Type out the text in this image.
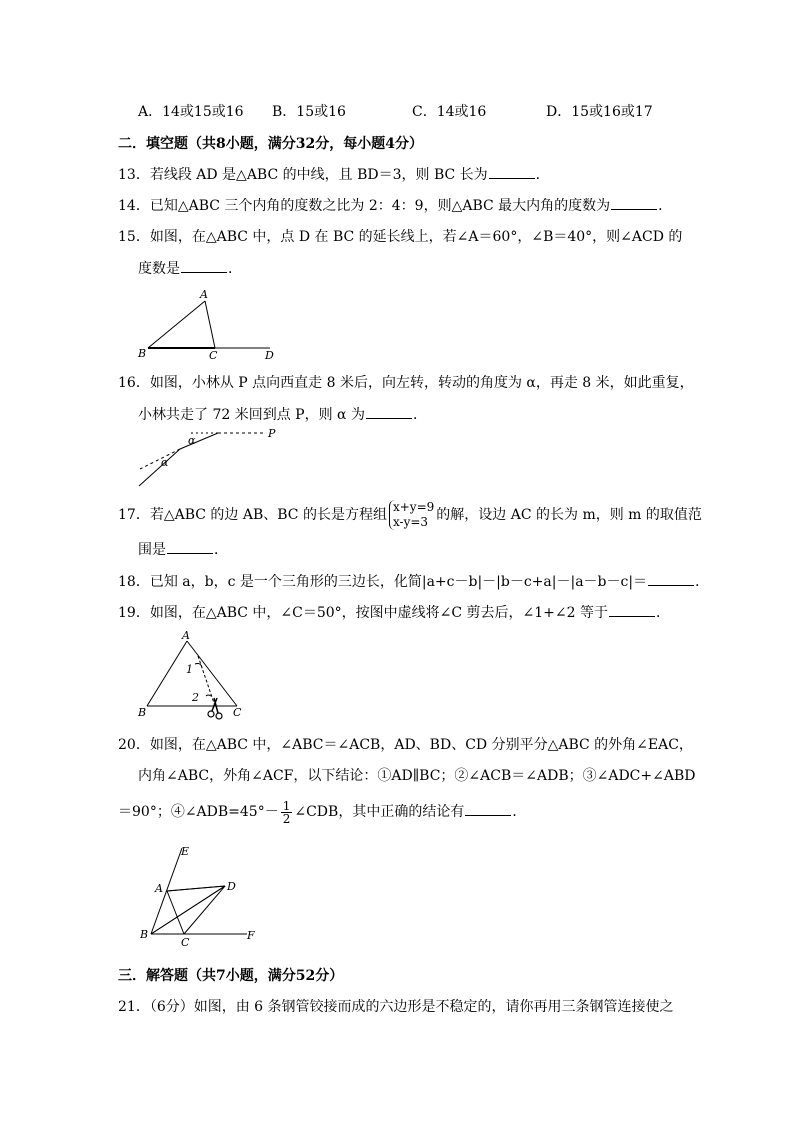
A．14或15或16 B．15或16	C．14或16	D．15或16或17
二．填空题（共8小题，满分32分，每小题4分）
13．若线段 AD 是△ABC 的中线，且 BD＝3，则 BC 长为	．
14．已知△ABC 三个内角的度数之比为 2：4：9，则△ABC 最大内角的度数为	．
15．如图，在△ABC 中，点 D 在 BC 的延长线上，若∠A＝60°，∠B＝40°，则∠ACD 的
度数是	．
A
B	C	D
16．如图，小林从 P 点向西直走 8 米后，向左转，转动的角度为 α，再走 8 米，如此重复，
小林共走了 72 米回到点 P，则 α 为	．
P
α
α
17．若△ABC 的边 AB、BC 的长是方程组 x+y=9
x-y=3 的解，设边 AC 的长为 m，则 m 的取值范
围是	．
18．已知 a，b，c 是一个三角形的三边长，化简|a+c－b|－|b－c+a|－|a－b－c|＝	．
19．如图，在△ABC 中，∠C＝50°，按图中虚线将∠C 剪去后，∠1+∠2 等于	．
A
B	C
1
2
20．如图，在△ABC 中，∠ABC＝∠ACB，AD、BD、CD 分别平分△ABC 的外角∠EAC，
内角∠ABC，外角∠ACF，以下结论：①AD∥BC；②∠ACB＝∠ADB；③∠ADC+∠ABD
＝90°；④∠ADB=45°－ $\frac{1}{2}$ ∠CDB，其中正确的结论有	．
E
A	D
B
C
F
三．解答题（共7小题，满分52分）
21．（6分）如图，由 6 条钢管铰接而成的六边形是不稳定的，请你再用三条钢管连接使之
